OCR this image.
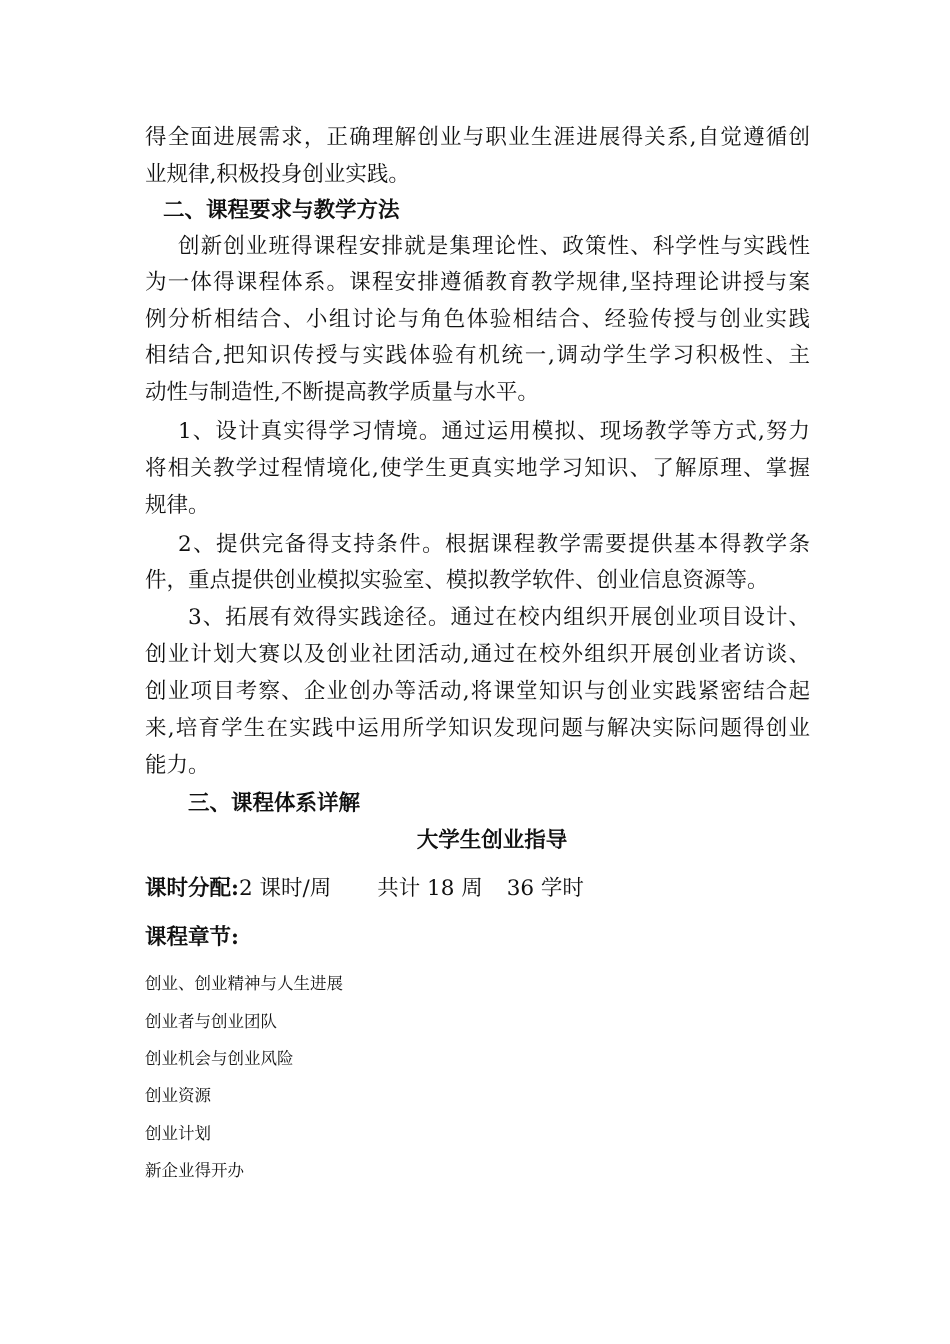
得全面进展需求，正确理解创业与职业生涯进展得关系,自觉遵循创
业规律,积极投身创业实践。
二、课程要求与教学方法
创新创业班得课程安排就是集理论性、政策性、科学性与实践性
为一体得课程体系。课程安排遵循教育教学规律,坚持理论讲授与案
例分析相结合、小组讨论与角色体验相结合、经验传授与创业实践
相结合,把知识传授与实践体验有机统一,调动学生学习积极性、主
动性与制造性,不断提高教学质量与水平。
1、设计真实得学习情境。通过运用模拟、现场教学等方式,努力
将相关教学过程情境化,使学生更真实地学习知识、了解原理、掌握
规律。
2、提供完备得支持条件。根据课程教学需要提供基本得教学条
件，重点提供创业模拟实验室、模拟教学软件、创业信息资源等。
3、拓展有效得实践途径。通过在校内组织开展创业项目设计、
创业计划大赛以及创业社团活动,通过在校外组织开展创业者访谈、
创业项目考察、企业创办等活动,将课堂知识与创业实践紧密结合起
来,培育学生在实践中运用所学知识发现问题与解决实际问题得创业
能力。
三、课程体系详解
大学生创业指导
课时分配:2 课时/周 共计 18 周 36 学时
课程章节:
创业、创业精神与人生进展
创业者与创业团队
创业机会与创业风险
创业资源
创业计划
新企业得开办
